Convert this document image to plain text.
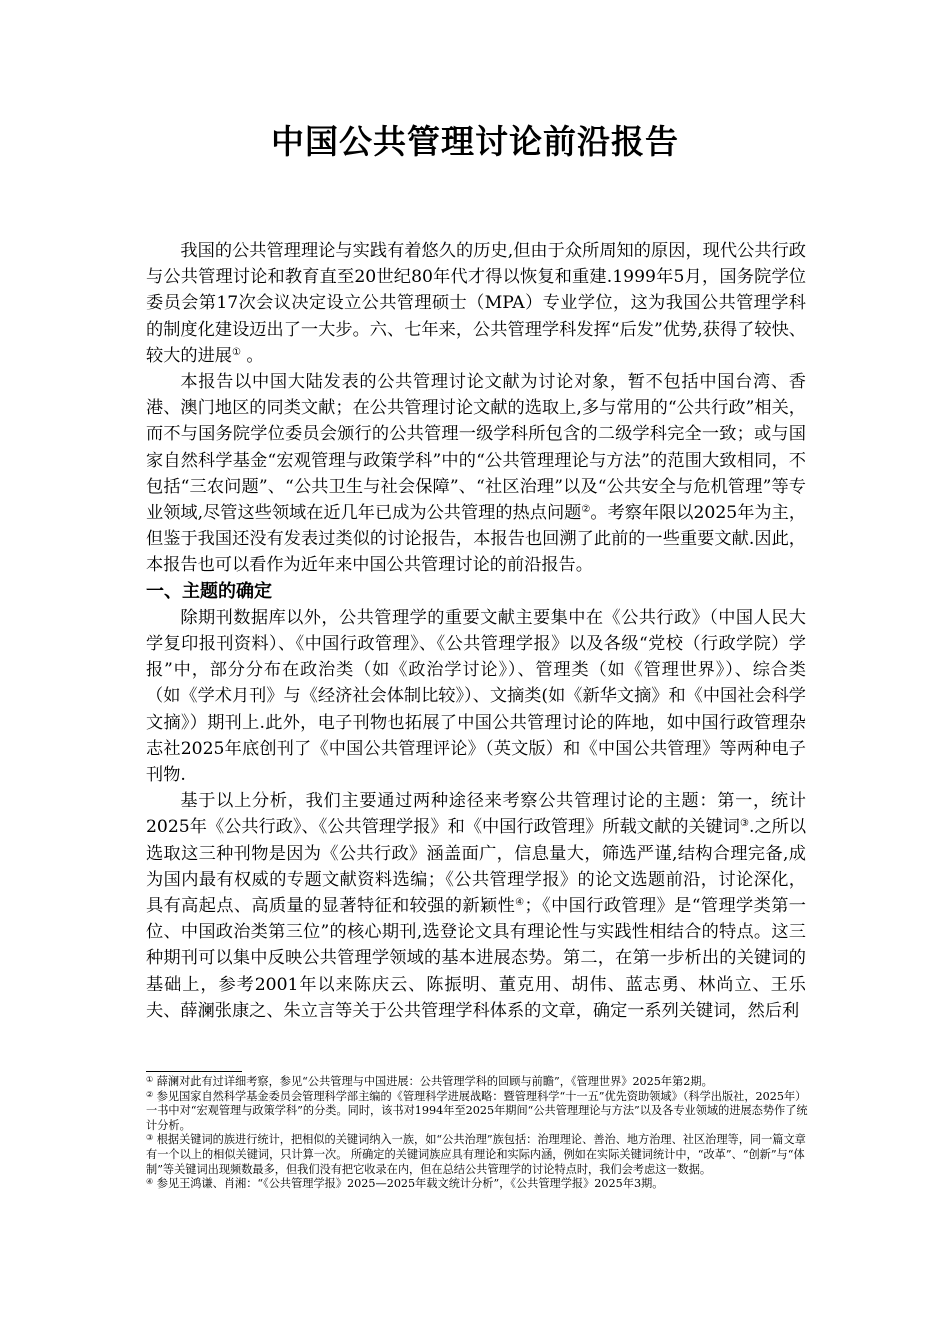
中国公共管理讨论前沿报告

我国的公共管理理论与实践有着悠久的历史,但由于众所周知的原因，现代公共行政与公共管理讨论和教育直至20世纪80年代才得以恢复和重建.1999年5月，国务院学位委员会第17次会议决定设立公共管理硕士（MPA）专业学位，这为我国公共管理学科的制度化建设迈出了一大步。六、七年来，公共管理学科发挥“后发”优势,获得了较快、较大的进展① 。

本报告以中国大陆发表的公共管理讨论文献为讨论对象，暂不包括中国台湾、香港、澳门地区的同类文献；在公共管理讨论文献的选取上,多与常用的“公共行政”相关，而不与国务院学位委员会颁行的公共管理一级学科所包含的二级学科完全一致；或与国家自然科学基金“宏观管理与政策学科”中的“公共管理理论与方法”的范围大致相同，不包括“三农问题”、“公共卫生与社会保障”、“社区治理”以及“公共安全与危机管理”等专业领域,尽管这些领域在近几年已成为公共管理的热点问题②。考察年限以2025年为主，但鉴于我国还没有发表过类似的讨论报告，本报告也回溯了此前的一些重要文献.因此，本报告也可以看作为近年来中国公共管理讨论的前沿报告。

一、主题的确定

除期刊数据库以外，公共管理学的重要文献主要集中在《公共行政》（中国人民大学复印报刊资料）、《中国行政管理》、《公共管理学报》以及各级“党校（行政学院）学报”中，部分分布在政治类（如《政治学讨论》）、管理类（如《管理世界》）、综合类（如《学术月刊》与《经济社会体制比较》）、文摘类(如《新华文摘》和《中国社会科学文摘》）期刊上.此外，电子刊物也拓展了中国公共管理讨论的阵地，如中国行政管理杂志社2025年底创刊了《中国公共管理评论》（英文版）和《中国公共管理》等两种电子刊物.

基于以上分析，我们主要通过两种途径来考察公共管理讨论的主题：第一，统计2025年《公共行政》、《公共管理学报》和《中国行政管理》所载文献的关键词③.之所以选取这三种刊物是因为《公共行政》涵盖面广，信息量大，筛选严谨,结构合理完备,成为国内最有权威的专题文献资料选编；《公共管理学报》的论文选题前沿，讨论深化，具有高起点、高质量的显著特征和较强的新颖性④；《中国行政管理》是“管理学类第一位、中国政治类第三位”的核心期刊,选登论文具有理论性与实践性相结合的特点。这三种期刊可以集中反映公共管理学领域的基本进展态势。第二，在第一步析出的关键词的基础上，参考2001年以来陈庆云、陈振明、董克用、胡伟、蓝志勇、林尚立、王乐夫、薛澜张康之、朱立言等关于公共管理学科体系的文章，确定一系列关键词，然后利

① 薛澜对此有过详细考察，参见“公共管理与中国进展：公共管理学科的回顾与前瞻”，《管理世界》2025年第2期。

② 参见国家自然科学基金委员会管理科学部主编的《管理科学进展战略：暨管理科学“十一五”优先资助领域》（科学出版社，2025年）一书中对“宏观管理与政策学科”的分类。同时，该书对1994年至2025年期间“公共管理理论与方法”以及各专业领域的进展态势作了统计分析。

③ 根据关键词的族进行统计，把相似的关键词纳入一族，如“公共治理”族包括：治理理论、善治、地方治理、社区治理等，同一篇文章有一个以上的相似关键词，只计算一次。 所确定的关键词族应具有理论和实际内涵，例如在实际关键词统计中，“改革”、“创新”与“体制”等关键词出现频数最多，但我们没有把它收录在内，但在总结公共管理学的讨论特点时，我们会考虑这一数据。

④ 参见王鸿谦、肖湘：“《公共管理学报》2025—2025年载文统计分析”，《公共管理学报》2025年3期。
